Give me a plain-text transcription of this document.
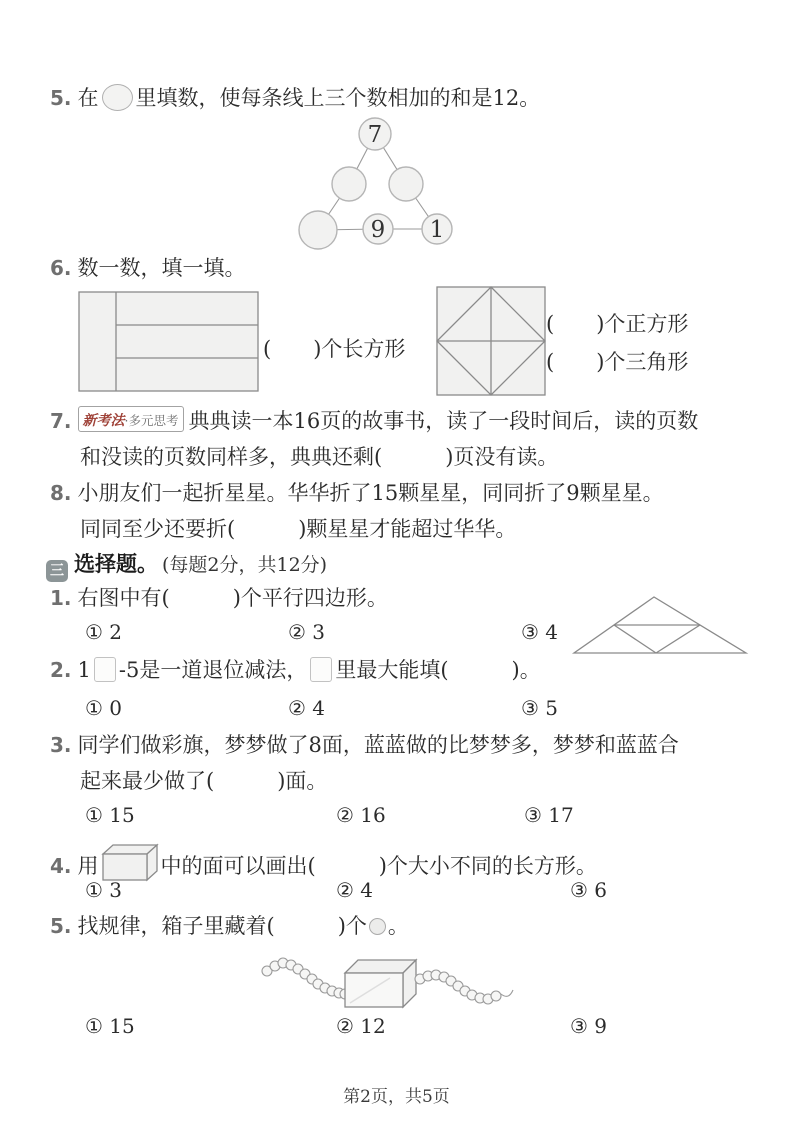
5. 在 里填数，使每条线上三个数相加的和是12。
7
9 1
6. 数一数，填一填。
(　　)个长方形
(　　)个正方形
(　　)个三角形
7. 新考法·多元思考 典典读一本16页的故事书，读了一段时间后，读的页数
和没读的页数同样多，典典还剩(　　　)页没有读。
8. 小朋友们一起折星星。华华折了15颗星星，同同折了9颗星星。
同同至少还要折(　　　)颗星星才能超过华华。
三 选择题。 (每题2分，共12分)
1. 右图中有(　　　)个平行四边形。
① 2	② 3	③ 4
2. 1 -5是一道退位减法， 里最大能填(　　　)。
① 0	② 4	③ 5
3. 同学们做彩旗，梦梦做了8面，蓝蓝做的比梦梦多，梦梦和蓝蓝合
起来最少做了(　　　)面。
① 15	② 16	③ 17
4. 用	中的面可以画出(　　　)个大小不同的长方形。
① 3	② 4	③ 6
5. 找规律，箱子里藏着(　　　)个 。
① 15	② 12	③ 9
第2页，共5页
